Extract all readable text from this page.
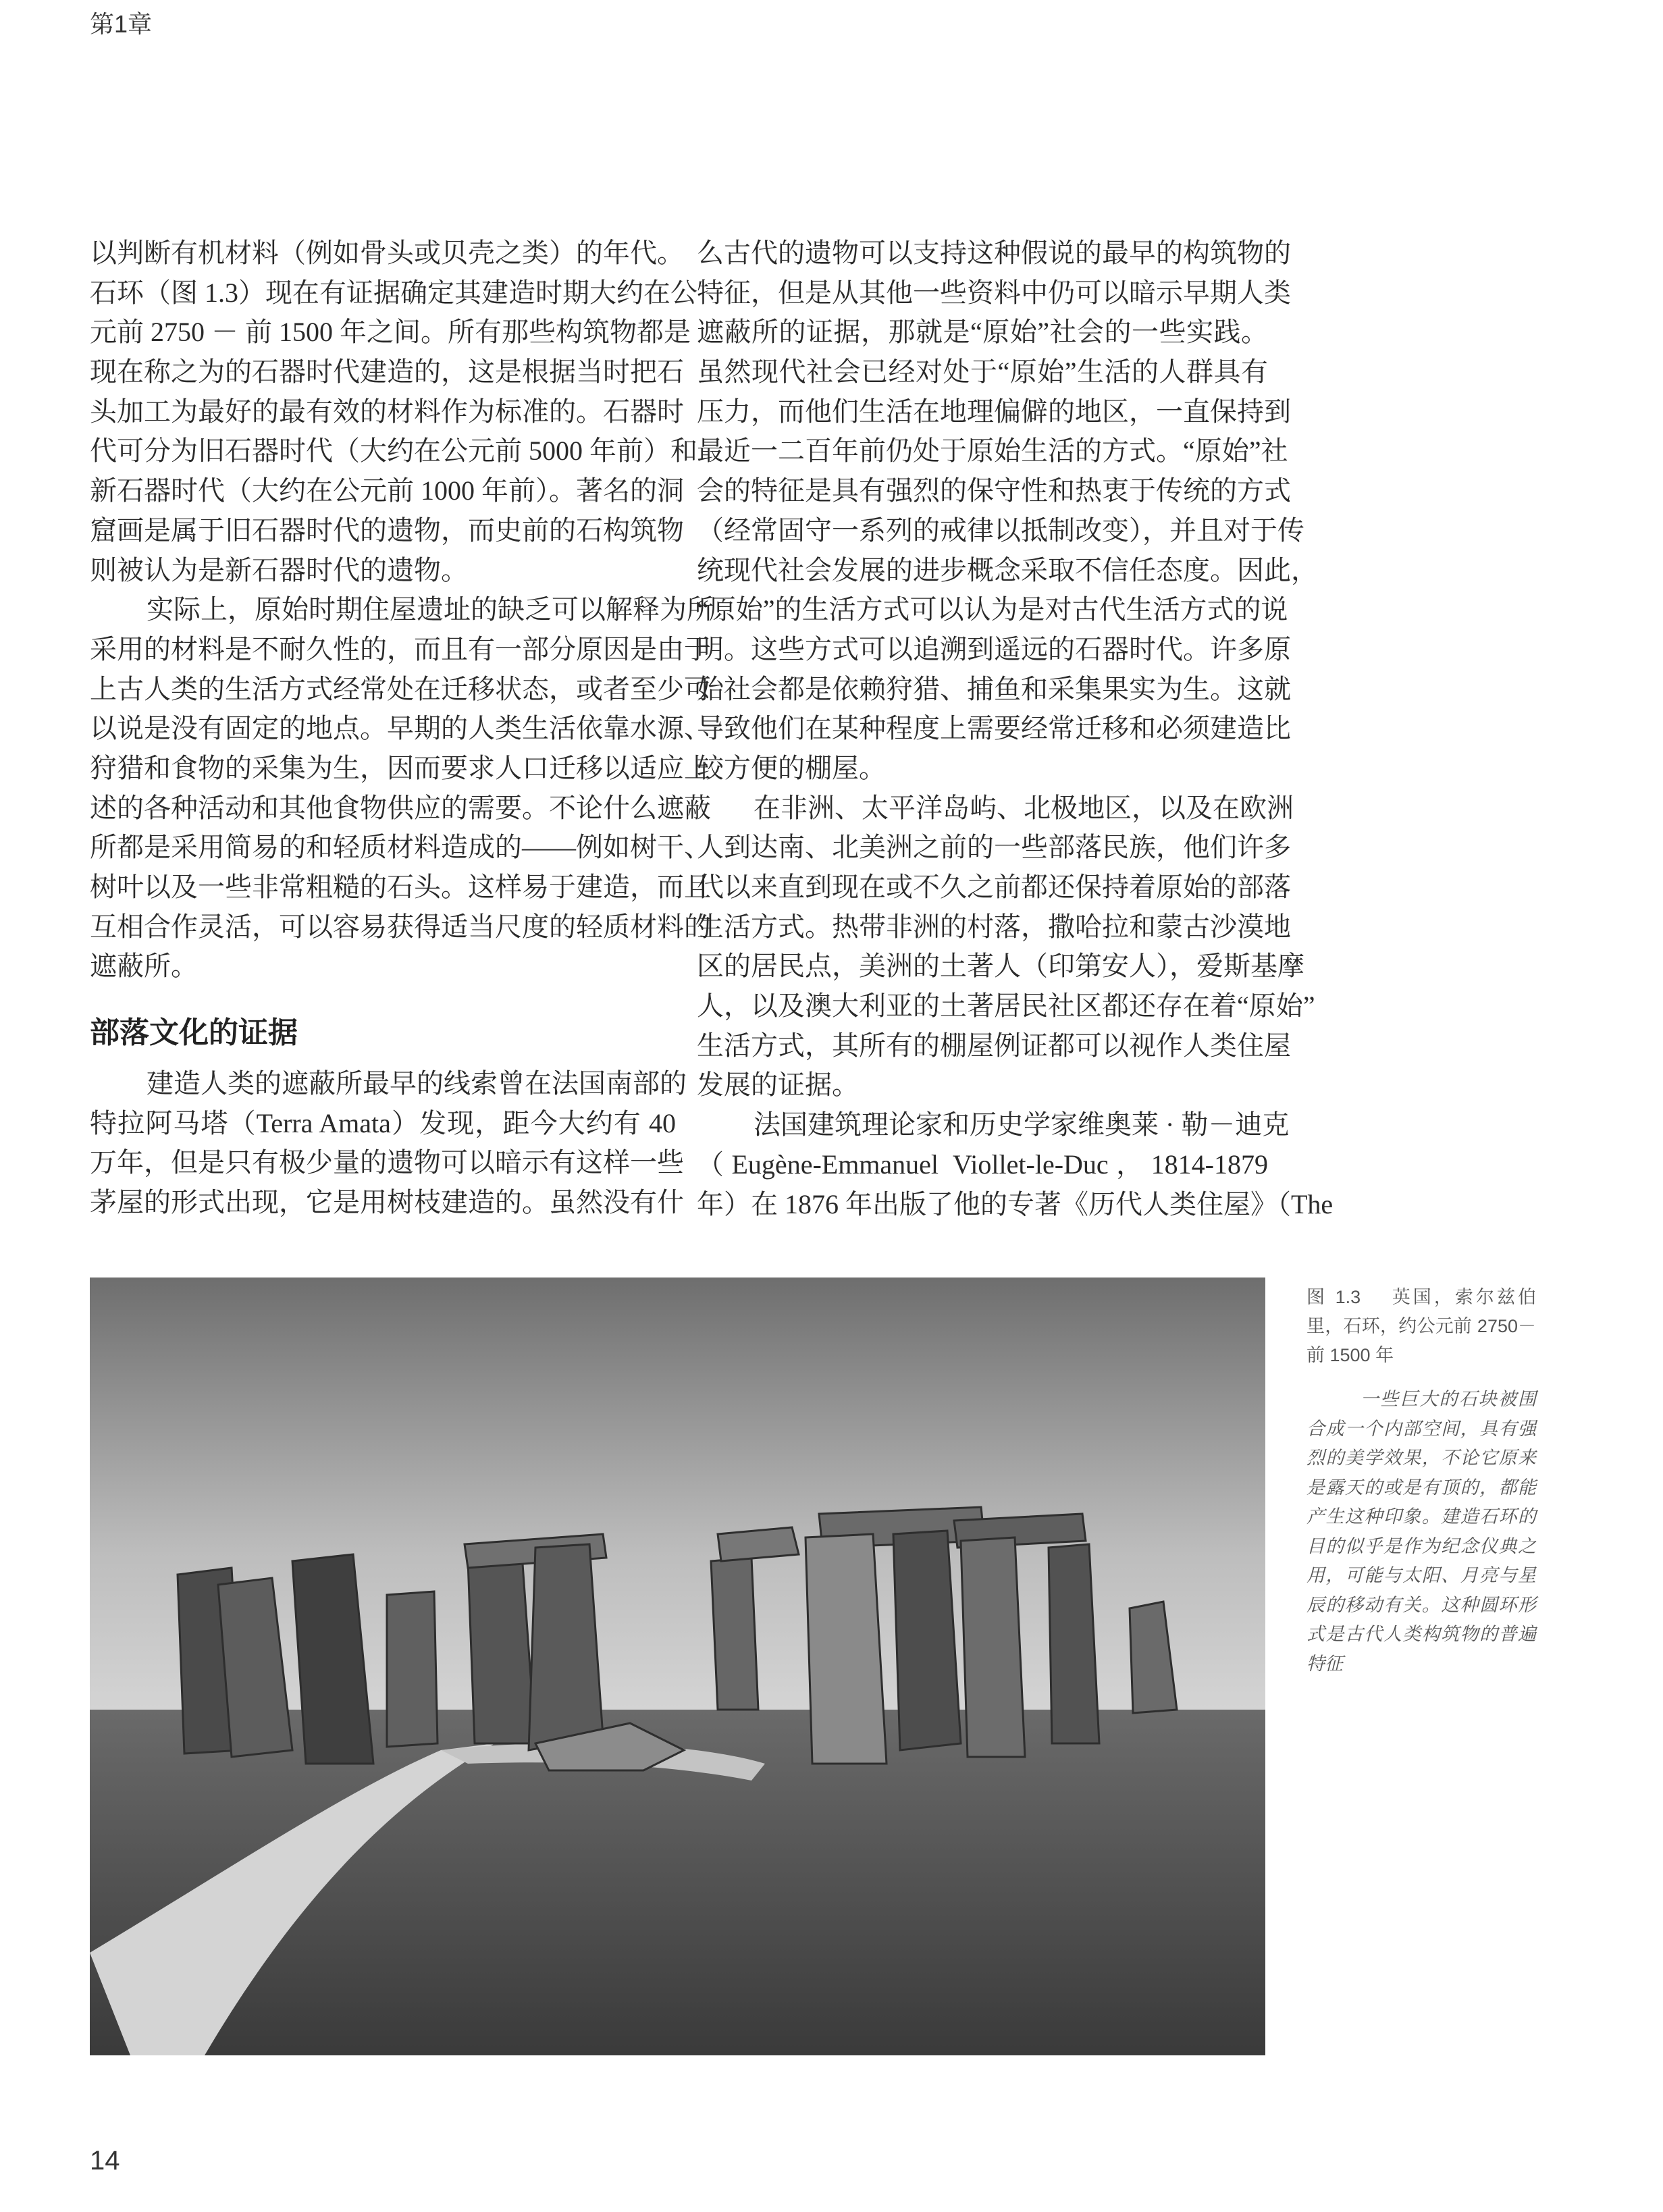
第1章
以判断有机材料（例如骨头或贝壳之类）的年代。
石环（图 1.3）现在有证据确定其建造时期大约在公
元前 2750 － 前 1500 年之间。所有那些构筑物都是
现在称之为的石器时代建造的，这是根据当时把石
头加工为最好的最有效的材料作为标准的。石器时
代可分为旧石器时代（大约在公元前 5000 年前）和
新石器时代（大约在公元前 1000 年前）。著名的洞
窟画是属于旧石器时代的遗物，而史前的石构筑物
则被认为是新石器时代的遗物。
实际上，原始时期住屋遗址的缺乏可以解释为所
采用的材料是不耐久性的，而且有一部分原因是由于
上古人类的生活方式经常处在迁移状态，或者至少可
以说是没有固定的地点。早期的人类生活依靠水源、
狩猎和食物的采集为生，因而要求人口迁移以适应上
述的各种活动和其他食物供应的需要。不论什么遮蔽
所都是采用简易的和轻质材料造成的——例如树干、
树叶以及一些非常粗糙的石头。这样易于建造，而且
互相合作灵活，可以容易获得适当尺度的轻质材料的
遮蔽所。
部落文化的证据
建造人类的遮蔽所最早的线索曾在法国南部的
特拉阿马塔（Terra Amata）发现，距今大约有 40
万年，但是只有极少量的遗物可以暗示有这样一些
茅屋的形式出现，它是用树枝建造的。虽然没有什
么古代的遗物可以支持这种假说的最早的构筑物的
特征，但是从其他一些资料中仍可以暗示早期人类
遮蔽所的证据，那就是“原始”社会的一些实践。
虽然现代社会已经对处于“原始”生活的人群具有
压力，而他们生活在地理偏僻的地区，一直保持到
最近一二百年前仍处于原始生活的方式。“原始”社
会的特征是具有强烈的保守性和热衷于传统的方式
（经常固守一系列的戒律以抵制改变），并且对于传
统现代社会发展的进步概念采取不信任态度。因此，
“原始”的生活方式可以认为是对古代生活方式的说
明。这些方式可以追溯到遥远的石器时代。许多原
始社会都是依赖狩猎、捕鱼和采集果实为生。这就
导致他们在某种程度上需要经常迁移和必须建造比
较方便的棚屋。
在非洲、太平洋岛屿、北极地区，以及在欧洲
人到达南、北美洲之前的一些部落民族，他们许多
代以来直到现在或不久之前都还保持着原始的部落
生活方式。热带非洲的村落，撒哈拉和蒙古沙漠地
区的居民点，美洲的土著人（印第安人），爱斯基摩
人，以及澳大利亚的土著居民社区都还存在着“原始”
生活方式，其所有的棚屋例证都可以视作人类住屋
发展的证据。
法国建筑理论家和历史学家维奥莱 · 勒－迪克
（Eugène-Emmanuel Viollet-le-Duc，1814-1879
年）在 1876 年出版了他的专著《历代人类住屋》（The
图 1.3　 英国，索尔兹伯里，石环，约公元前 2750－ 前 1500 年
一些巨大的石块被围合成一个内部空间，具有强烈的美学效果，不论它原来是露天的或是有顶的，都能产生这种印象。建造石环的目的似乎是作为纪念仪典之用，可能与太阳、月亮与星辰的移动有关。这种圆环形式是古代人类构筑物的普遍特征
14
